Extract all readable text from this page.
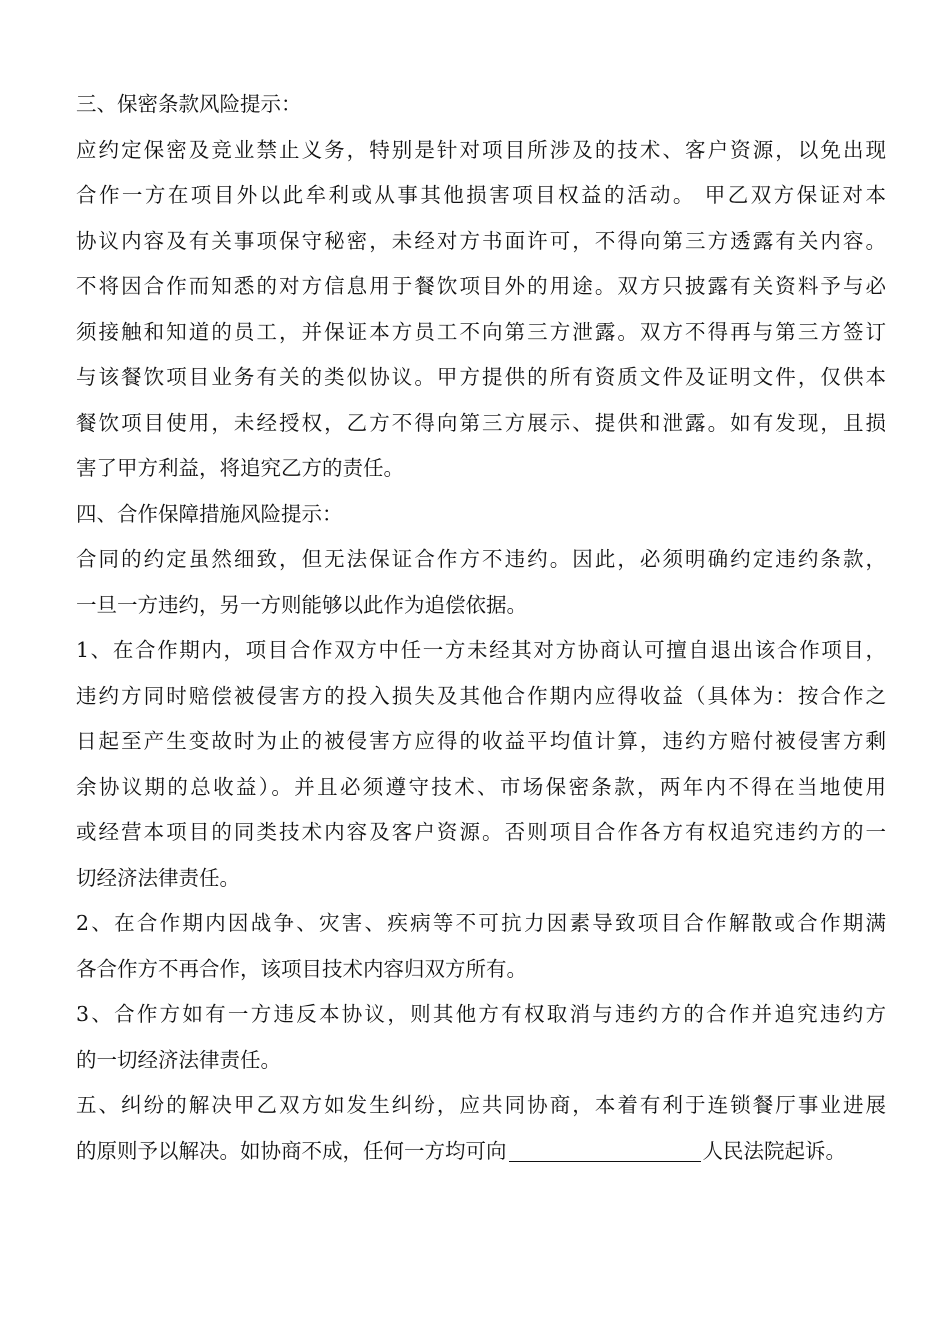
三、保密条款风险提示：
应约定保密及竞业禁止义务，特别是针对项目所涉及的技术、客户资源，以免出现
合作一方在项目外以此牟利或从事其他损害项目权益的活动。 甲乙双方保证对本
协议内容及有关事项保守秘密，未经对方书面许可，不得向第三方透露有关内容。
不将因合作而知悉的对方信息用于餐饮项目外的用途。双方只披露有关资料予与必
须接触和知道的员工，并保证本方员工不向第三方泄露。双方不得再与第三方签订
与该餐饮项目业务有关的类似协议。甲方提供的所有资质文件及证明文件，仅供本
餐饮项目使用，未经授权，乙方不得向第三方展示、提供和泄露。如有发现，且损
害了甲方利益，将追究乙方的责任。
四、合作保障措施风险提示：
合同的约定虽然细致，但无法保证合作方不违约。因此，必须明确约定违约条款，
一旦一方违约，另一方则能够以此作为追偿依据。
1、在合作期内，项目合作双方中任一方未经其对方协商认可擅自退出该合作项目，
违约方同时赔偿被侵害方的投入损失及其他合作期内应得收益（具体为：按合作之
日起至产生变故时为止的被侵害方应得的收益平均值计算，违约方赔付被侵害方剩
余协议期的总收益）。并且必须遵守技术、市场保密条款，两年内不得在当地使用
或经营本项目的同类技术内容及客户资源。否则项目合作各方有权追究违约方的一
切经济法律责任。
2、在合作期内因战争、灾害、疾病等不可抗力因素导致项目合作解散或合作期满
各合作方不再合作，该项目技术内容归双方所有。
3、合作方如有一方违反本协议，则其他方有权取消与违约方的合作并追究违约方
的一切经济法律责任。
五、纠纷的解决甲乙双方如发生纠纷，应共同协商，本着有利于连锁餐厅事业进展
的原则予以解决。如协商不成，任何一方均可向	人民法院起诉。
